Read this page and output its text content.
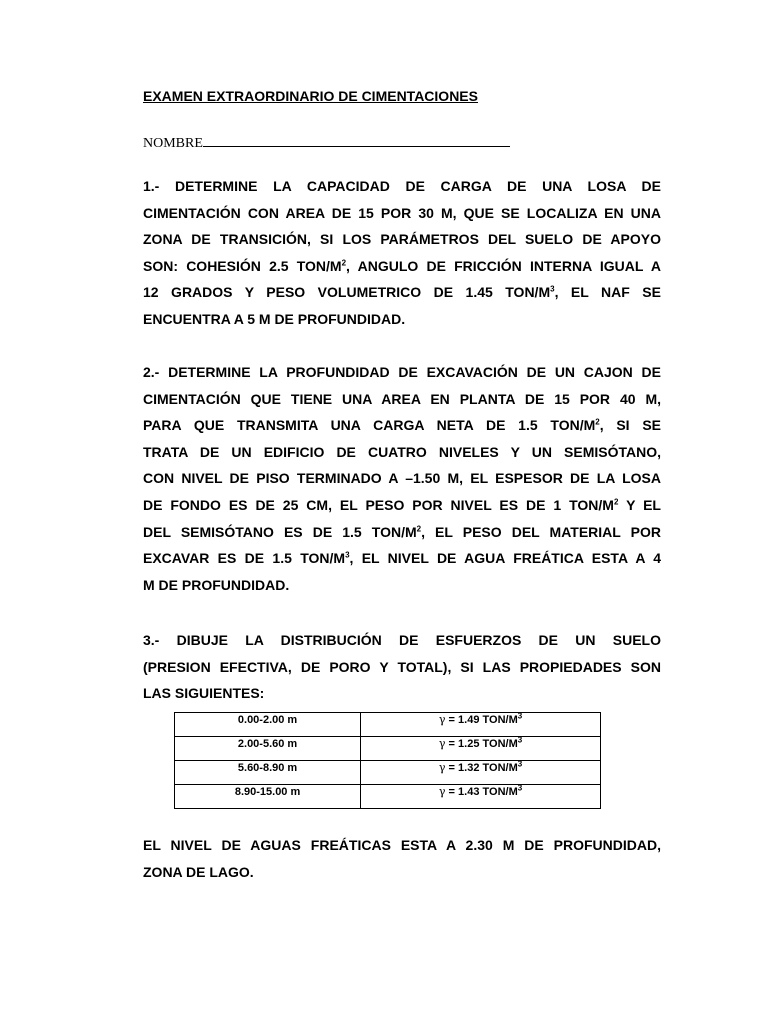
EXAMEN EXTRAORDINARIO DE CIMENTACIONES
NOMBRE
1.- DETERMINE LA CAPACIDAD DE CARGA DE UNA LOSA DE
CIMENTACIÓN CON AREA DE 15 POR 30 M, QUE SE LOCALIZA EN UNA
ZONA DE TRANSICIÓN, SI LOS PARÁMETROS DEL SUELO DE APOYO
SON: COHESIÓN 2.5 TON/$M^2$, ANGULO DE FRICCIÓN INTERNA IGUAL A
12 GRADOS Y PESO VOLUMETRICO DE 1.45 TON/$M^3$, EL NAF SE
ENCUENTRA A 5 M DE PROFUNDIDAD.
2.- DETERMINE LA PROFUNDIDAD DE EXCAVACIÓN DE UN CAJON DE
CIMENTACIÓN QUE TIENE UNA AREA EN PLANTA DE 15 POR 40 M,
PARA QUE TRANSMITA UNA CARGA NETA DE 1.5 TON/$M^2$, SI SE
TRATA DE UN EDIFICIO DE CUATRO NIVELES Y UN SEMISÓTANO,
CON NIVEL DE PISO TERMINADO A –1.50 M, EL ESPESOR DE LA LOSA
DE FONDO ES DE 25 CM, EL PESO POR NIVEL ES DE 1 TON/$M^2$ Y EL
DEL SEMISÓTANO ES DE 1.5 TON/$M^2$, EL PESO DEL MATERIAL POR
EXCAVAR ES DE 1.5 TON/$M^3$, EL NIVEL DE AGUA FREÁTICA ESTA A 4
M DE PROFUNDIDAD.
3.- DIBUJE LA DISTRIBUCIÓN DE ESFUERZOS DE UN SUELO
(PRESION EFECTIVA, DE PORO Y TOTAL), SI LAS PROPIEDADES SON
LAS SIGUIENTES:
0.00-2.00 m	γ = 1.49 TON/$M^3$
2.00-5.60 m	γ = 1.25 TON/$M^3$
5.60-8.90 m	γ = 1.32 TON/$M^3$
8.90-15.00 m	γ = 1.43 TON/$M^3$
EL NIVEL DE AGUAS FREÁTICAS ESTA A 2.30 M DE PROFUNDIDAD,
ZONA DE LAGO.
